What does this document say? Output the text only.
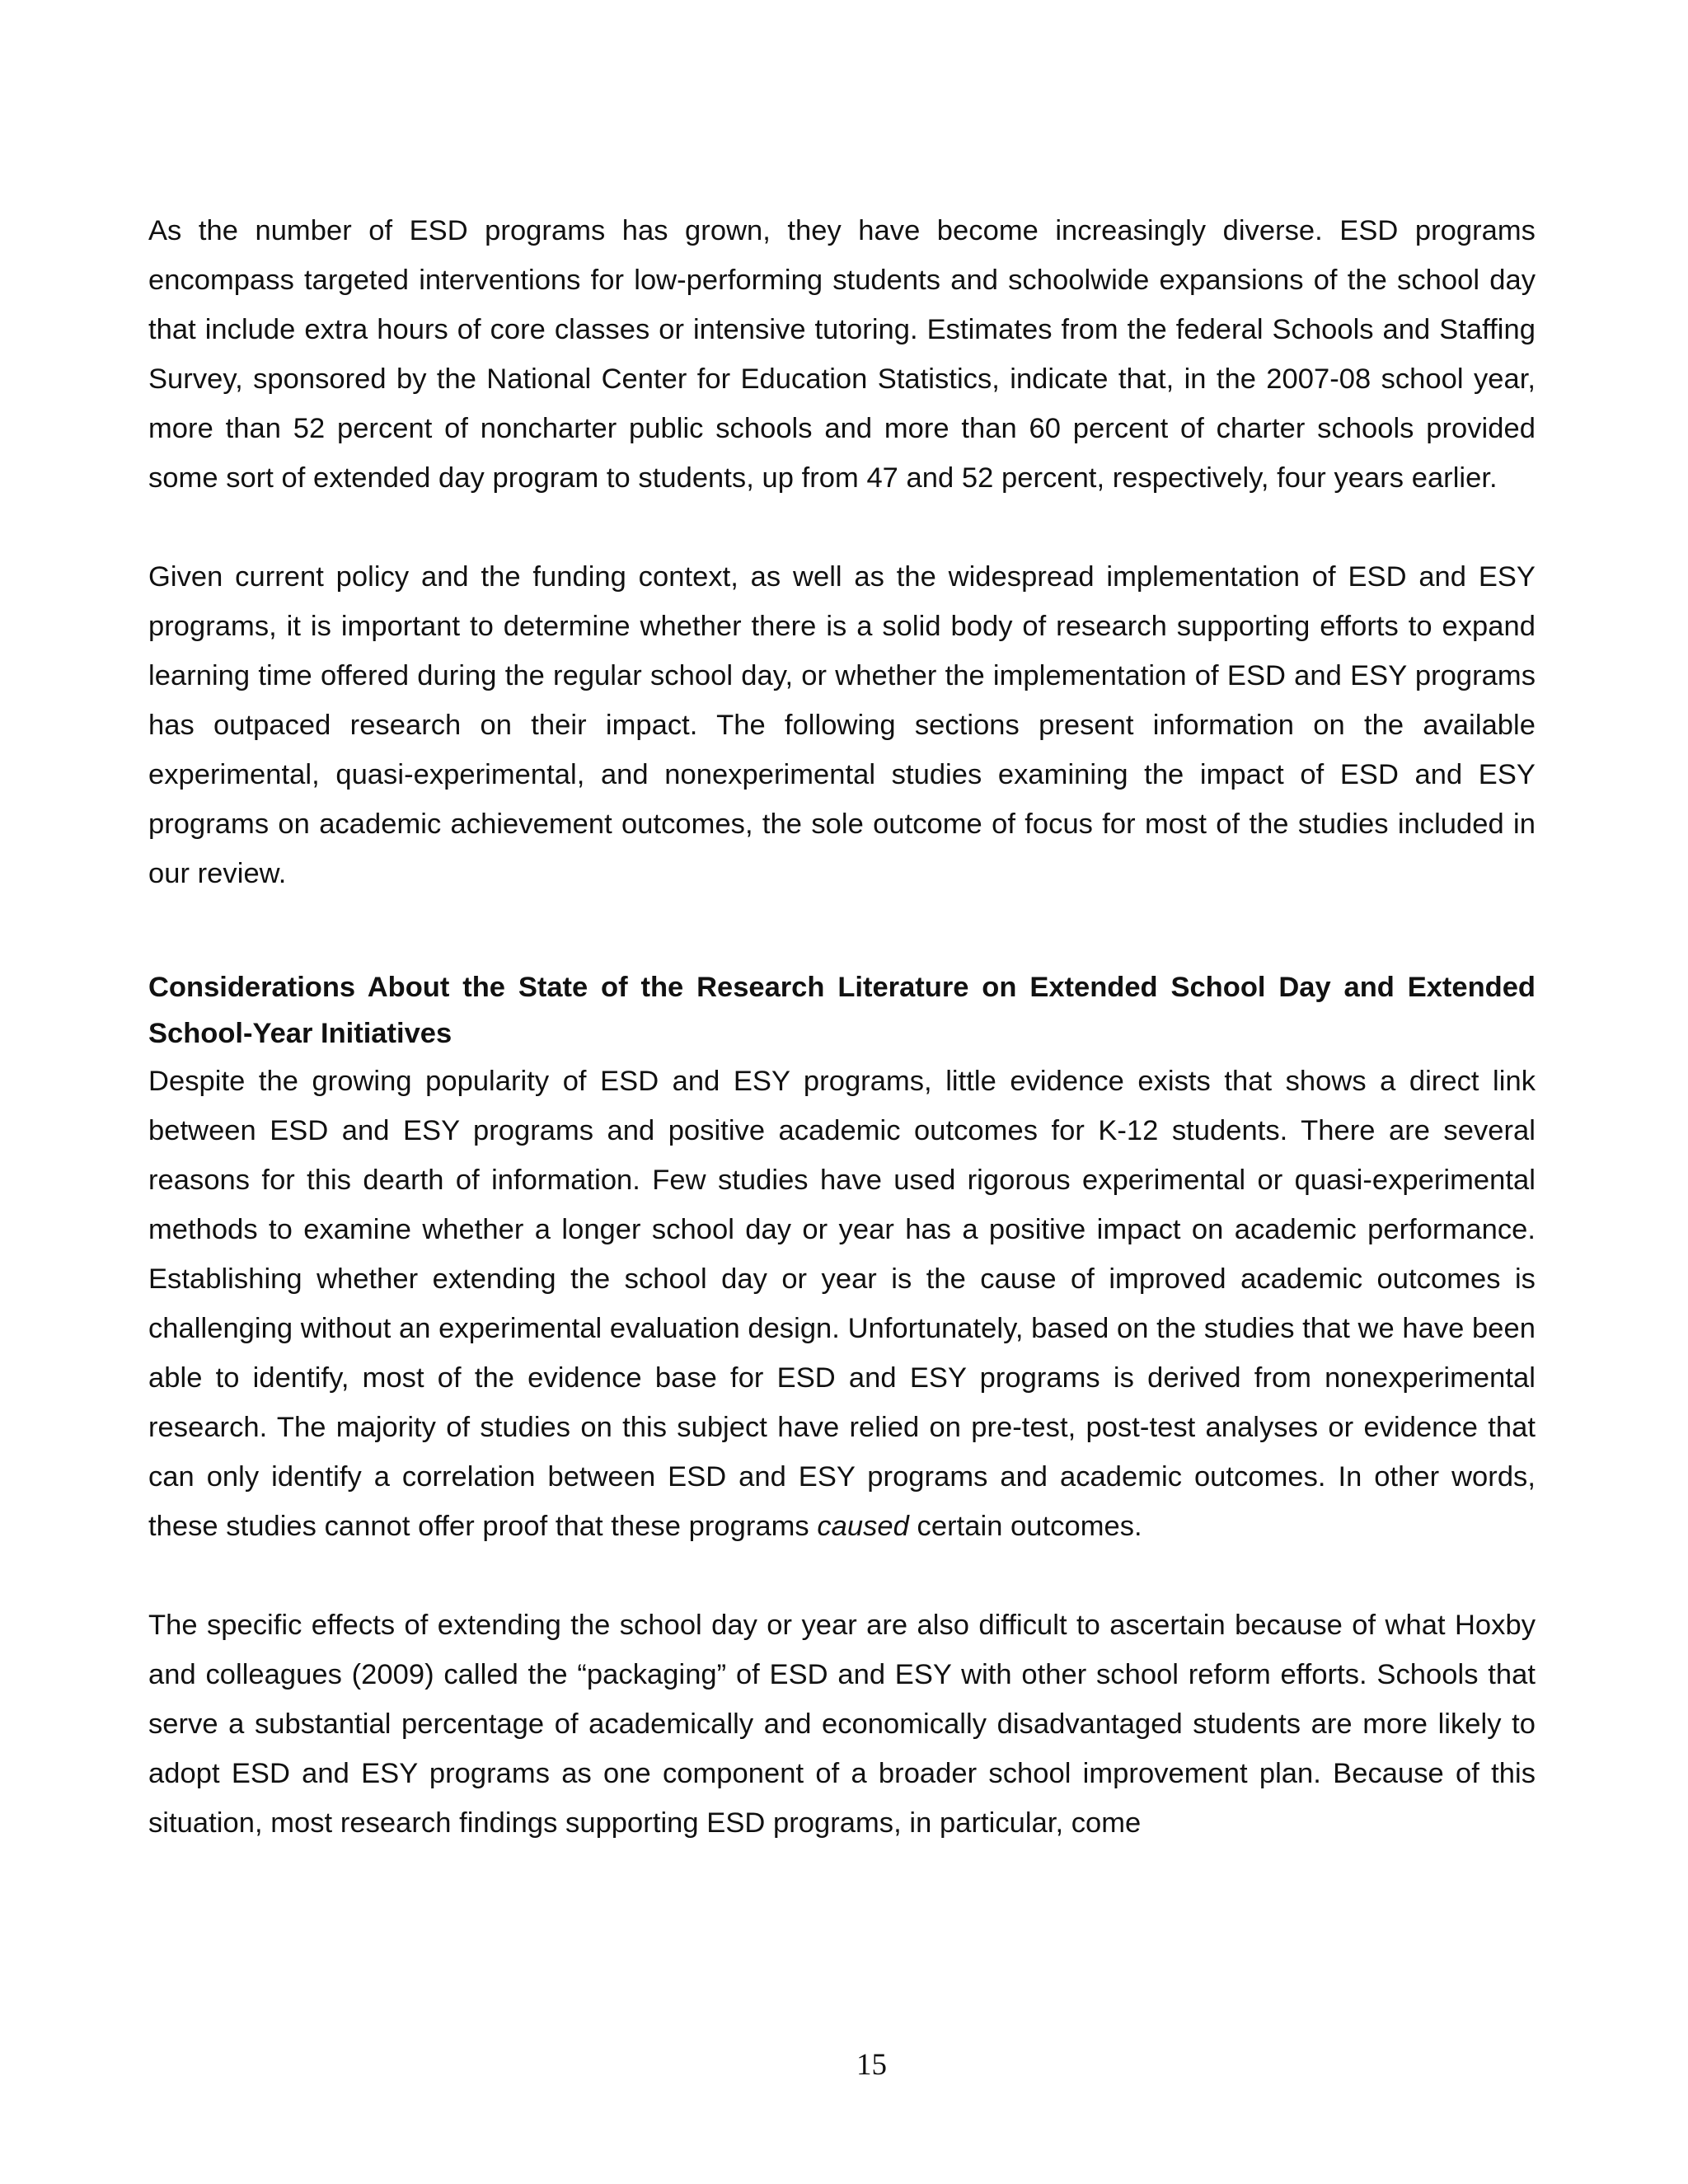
As the number of ESD programs has grown, they have become increasingly diverse. ESD programs encompass targeted interventions for low-performing students and schoolwide expansions of the school day that include extra hours of core classes or intensive tutoring. Estimates from the federal Schools and Staffing Survey, sponsored by the National Center for Education Statistics, indicate that, in the 2007-08 school year, more than 52 percent of noncharter public schools and more than 60 percent of charter schools provided some sort of extended day program to students, up from 47 and 52 percent, respectively, four years earlier.

Given current policy and the funding context, as well as the widespread implementation of ESD and ESY programs, it is important to determine whether there is a solid body of research supporting efforts to expand learning time offered during the regular school day, or whether the implementation of ESD and ESY programs has outpaced research on their impact. The following sections present information on the available experimental, quasi-experimental, and nonexperimental studies examining the impact of ESD and ESY programs on academic achievement outcomes, the sole outcome of focus for most of the studies included in our review.

Considerations About the State of the Research Literature on Extended School Day and Extended School-Year Initiatives

Despite the growing popularity of ESD and ESY programs, little evidence exists that shows a direct link between ESD and ESY programs and positive academic outcomes for K-12 students. There are several reasons for this dearth of information. Few studies have used rigorous experimental or quasi-experimental methods to examine whether a longer school day or year has a positive impact on academic performance. Establishing whether extending the school day or year is the cause of improved academic outcomes is challenging without an experimental evaluation design. Unfortunately, based on the studies that we have been able to identify, most of the evidence base for ESD and ESY programs is derived from nonexperimental research. The majority of studies on this subject have relied on pre-test, post-test analyses or evidence that can only identify a correlation between ESD and ESY programs and academic outcomes. In other words, these studies cannot offer proof that these programs caused certain outcomes.

The specific effects of extending the school day or year are also difficult to ascertain because of what Hoxby and colleagues (2009) called the “packaging” of ESD and ESY with other school reform efforts. Schools that serve a substantial percentage of academically and economically disadvantaged students are more likely to adopt ESD and ESY programs as one component of a broader school improvement plan. Because of this situation, most research findings supporting ESD programs, in particular, come

15
